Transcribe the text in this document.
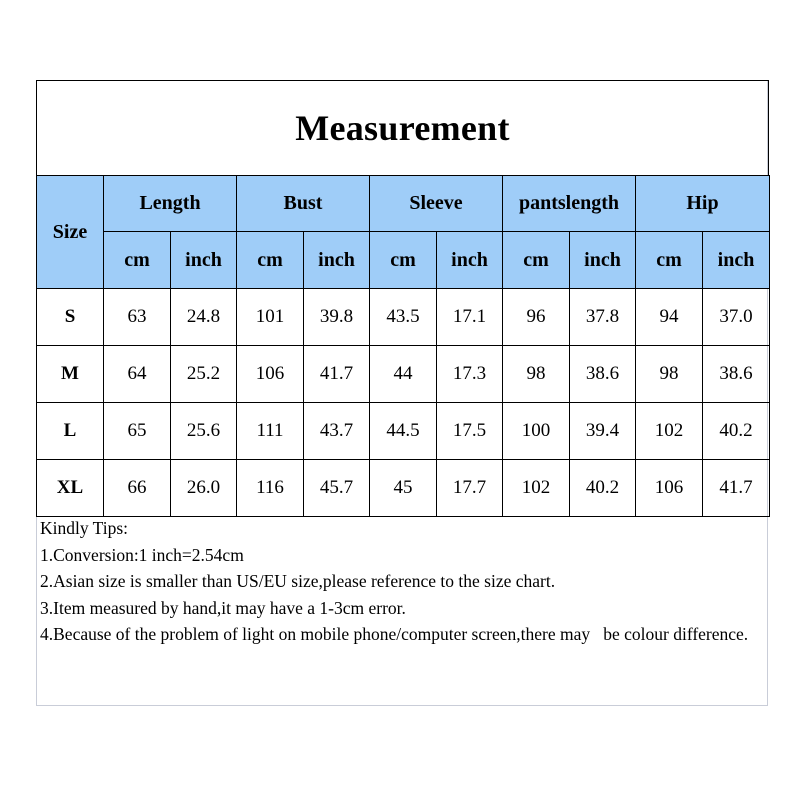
Measurement
Size	Length		Bust		Sleeve		pantslength		Hip	
	cm	inch	cm	inch	cm	inch	cm	inch	cm	inch
S	63	24.8	101	39.8	43.5	17.1	96	37.8	94	37.0
M	64	25.2	106	41.7	44	17.3	98	38.6	98	38.6
L	65	25.6	111	43.7	44.5	17.5	100	39.4	102	40.2
XL	66	26.0	116	45.7	45	17.7	102	40.2	106	41.7
Kindly Tips:
1.Conversion:1 inch=2.54cm
2.Asian size is smaller than US/EU size,please reference to the size chart.
3.Item measured by hand,it may have a 1-3cm error.
4.Because of the problem of light on mobile phone/computer screen,there may   be colour difference.
